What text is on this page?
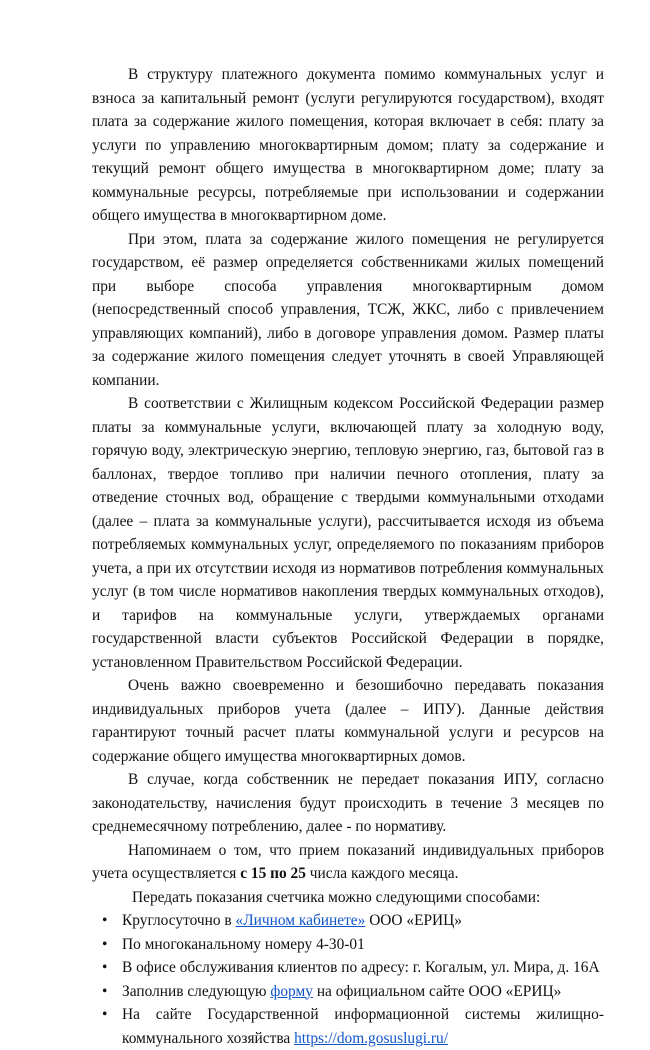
В структуру платежного документа помимо коммунальных услуг и взноса за капитальный ремонт (услуги регулируются государством), входят плата за содержание жилого помещения, которая включает в себя: плату за услуги по управлению многоквартирным домом; плату за содержание и текущий ремонт общего имущества в многоквартирном доме; плату за коммунальные ресурсы, потребляемые при использовании и содержании общего имущества в многоквартирном доме.

При этом, плата за содержание жилого помещения не регулируется государством, её размер определяется собственниками жилых помещений при выборе способа управления многоквартирным домом (непосредственный способ управления, ТСЖ, ЖКС, либо с привлечением управляющих компаний), либо в договоре управления домом. Размер платы за содержание жилого помещения следует уточнять в своей Управляющей компании.

В соответствии с Жилищным кодексом Российской Федерации размер платы за коммунальные услуги, включающей плату за холодную воду, горячую воду, электрическую энергию, тепловую энергию, газ, бытовой газ в баллонах, твердое топливо при наличии печного отопления, плату за отведение сточных вод, обращение с твердыми коммунальными отходами (далее – плата за коммунальные услуги), рассчитывается исходя из объема потребляемых коммунальных услуг, определяемого по показаниям приборов учета, а при их отсутствии исходя из нормативов потребления коммунальных услуг (в том числе нормативов накопления твердых коммунальных отходов), и тарифов на коммунальные услуги, утверждаемых органами государственной власти субъектов Российской Федерации в порядке, установленном Правительством Российской Федерации.

Очень важно своевременно и безошибочно передавать показания индивидуальных приборов учета (далее – ИПУ). Данные действия гарантируют точный расчет платы коммунальной услуги и ресурсов на содержание общего имущества многоквартирных домов.

В случае, когда собственник не передает показания ИПУ, согласно законодательству, начисления будут происходить в течение 3 месяцев по среднемесячному потреблению, далее - по нормативу.

Напоминаем о том, что прием показаний индивидуальных приборов учета осуществляется с 15 по 25 числа каждого месяца.

Передать показания счетчика можно следующими способами:
• Круглосуточно в «Личном кабинете» ООО «ЕРИЦ»
• По многоканальному номеру 4-30-01
• В офисе обслуживания клиентов по адресу: г. Когалым, ул. Мира, д. 16А
• Заполнив следующую форму на официальном сайте ООО «ЕРИЦ»
• На сайте Государственной информационной системы жилищно-коммунального хозяйства https://dom.gosuslugi.ru/
